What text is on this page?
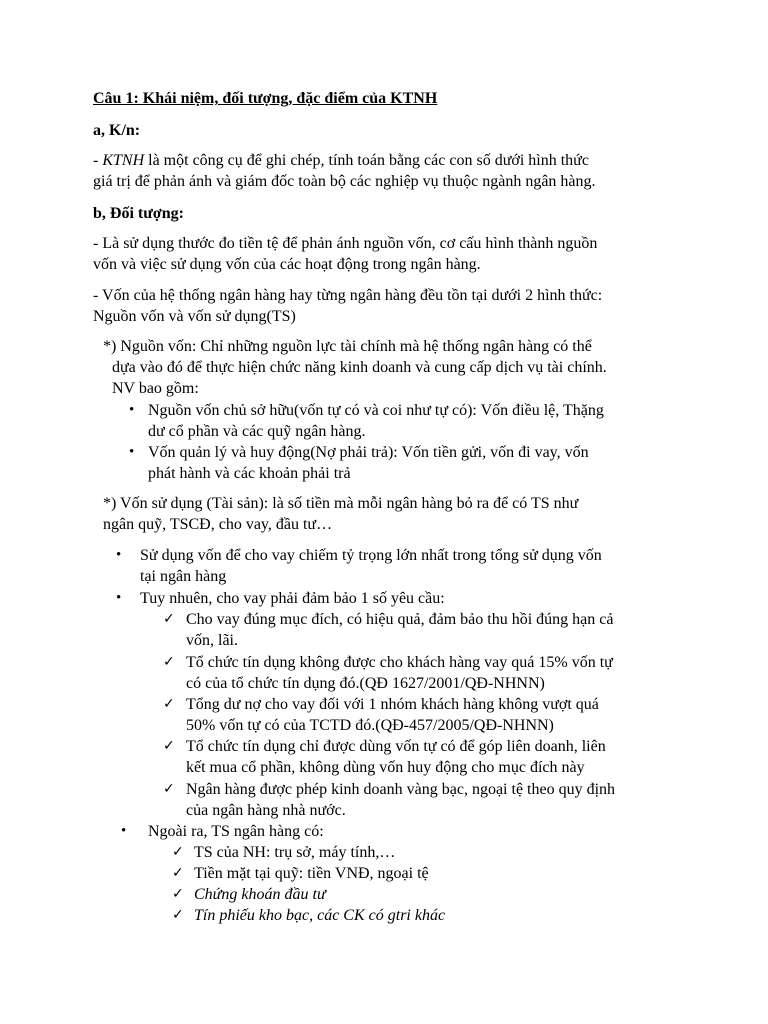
Câu 1: Khái niệm, đối tượng, đặc điểm của KTNH
a, K/n:
- KTNH là một công cụ để ghi chép, tính toán bằng các con số dưới hình thức
giá trị để phản ánh và giám đốc toàn bộ các nghiệp vụ thuộc ngành ngân hàng.
b, Đối tượng:
- Là sử dụng thước đo tiền tệ để phản ánh nguồn vốn, cơ cấu hình thành nguồn
vốn và việc sử dụng vốn của các hoạt động trong ngân hàng.
- Vốn của hệ thống ngân hàng hay từng ngân hàng đều tồn tại dưới 2 hình thức:
Nguồn vốn và vốn sử dụng(TS)
*) Nguồn vốn: Chỉ những nguồn lực tài chính mà hệ thống ngân hàng có thể
dựa vào đó để thực hiện chức năng kinh doanh và cung cấp dịch vụ tài chính.
NV bao gồm:
• Nguồn vốn chủ sở hữu(vốn tự có và coi như tự có): Vốn điều lệ, Thặng
dư cổ phần và các quỹ ngân hàng.
• Vốn quản lý và huy động(Nợ phải trả): Vốn tiền gửi, vốn đi vay, vốn
phát hành và các khoản phải trả
*) Vốn sử dụng (Tài sản): là số tiền mà mỗi ngân hàng bỏ ra để có TS như
ngân quỹ, TSCĐ, cho vay, đầu tư…
• Sử dụng vốn để cho vay chiếm tỷ trọng lớn nhất trong tổng sử dụng vốn
tại ngân hàng
• Tuy nhuên, cho vay phải đảm bảo 1 số yêu cầu:
✓ Cho vay đúng mục đích, có hiệu quả, đảm bảo thu hồi đúng hạn cả
vốn, lãi.
✓ Tổ chức tín dụng không được cho khách hàng vay quá 15% vốn tự
có của tổ chức tín dụng đó.(QĐ 1627/2001/QĐ-NHNN)
✓ Tổng dư nợ cho vay đối với 1 nhóm khách hàng không vượt quá
50% vốn tự có của TCTD đó.(QĐ-457/2005/QĐ-NHNN)
✓ Tổ chức tín dụng chỉ được dùng vốn tự có để góp liên doanh, liên
kết mua cổ phần, không dùng vốn huy động cho mục đích này
✓ Ngân hàng được phép kinh doanh vàng bạc, ngoại tệ theo quy định
của ngân hàng nhà nước.
• Ngoài ra, TS ngân hàng có:
✓ TS của NH: trụ sở, máy tính,…
✓ Tiền mặt tại quỹ: tiền VNĐ, ngoại tệ
✓ Chứng khoán đầu tư
✓ Tín phiếu kho bạc, các CK có gtri khác
